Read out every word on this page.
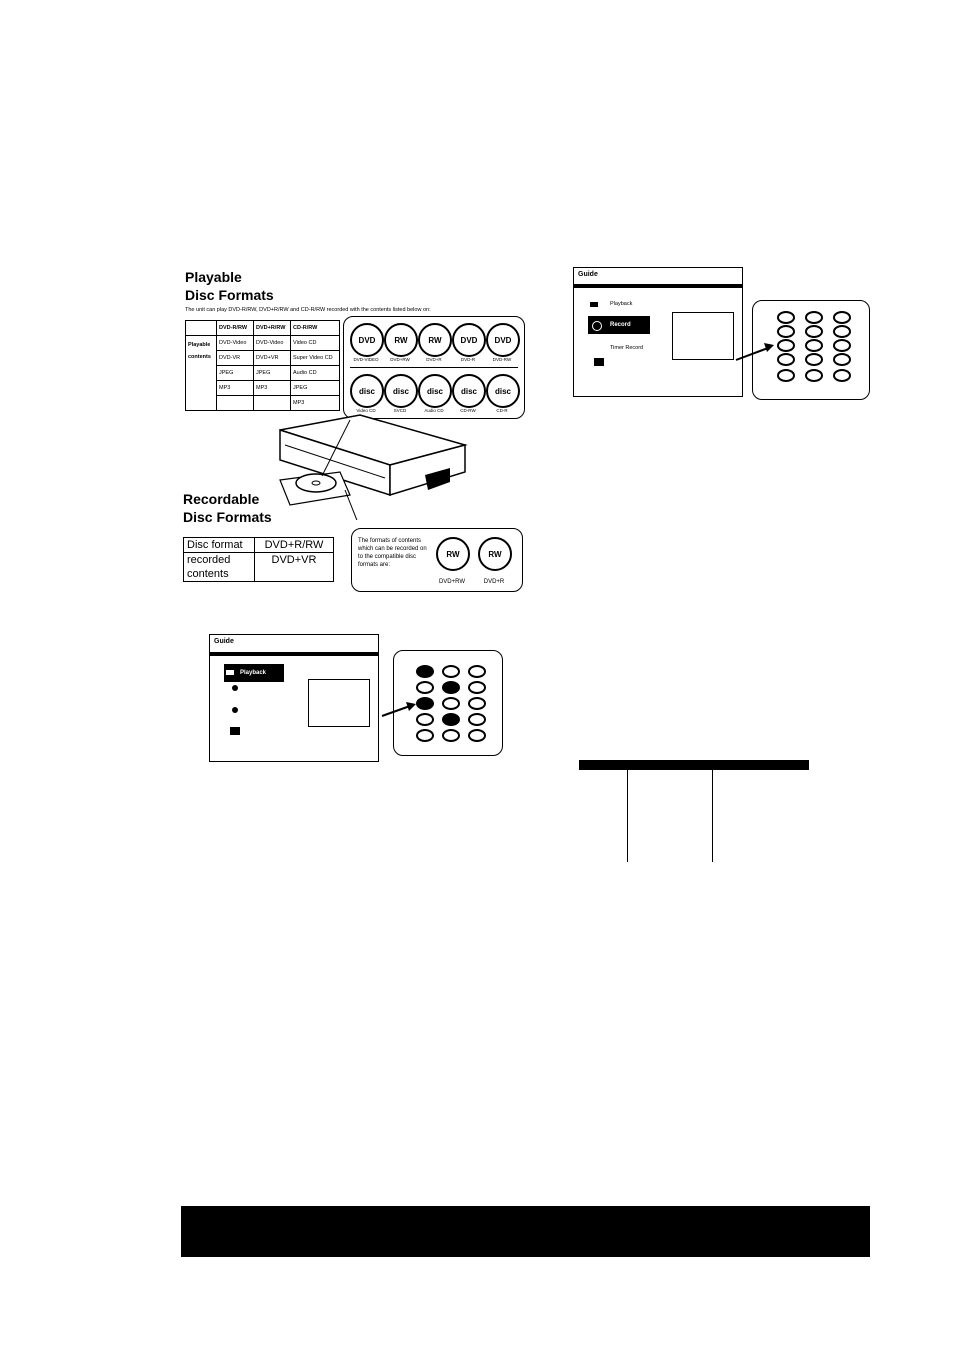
Playable
Disc Formats
The unit can play DVD-R/RW, DVD+R/RW and CD-R/RW recorded with the contents listed below on:
	DVD-R/RW	DVD+R/RW	CD-R/RW

Playable
contents	DVD-Video	DVD-Video	Video CD
	DVD-VR	DVD+VR	Super Video CD
	JPEG	JPEG	Audio CD
	MP3	MP3	JPEG
			MP3
DVD
DVD-VIDEO
RW
DVD+RW
RW
DVD+R
DVD
DVD-R
DVD
DVD-RW
disc
Video CD
disc
SVCD
disc
Audio CD
disc
CD-RW
disc
CD-R
Recordable
Disc Formats
Disc format	DVD+R/RW
recorded	DVD+VR
contents	
The formats of contents which can be recorded on to the compatible disc formats are:
RW
DVD+RW
RW
DVD+R
Guide
Playback
Guide
Playback
Record
Timer Record
